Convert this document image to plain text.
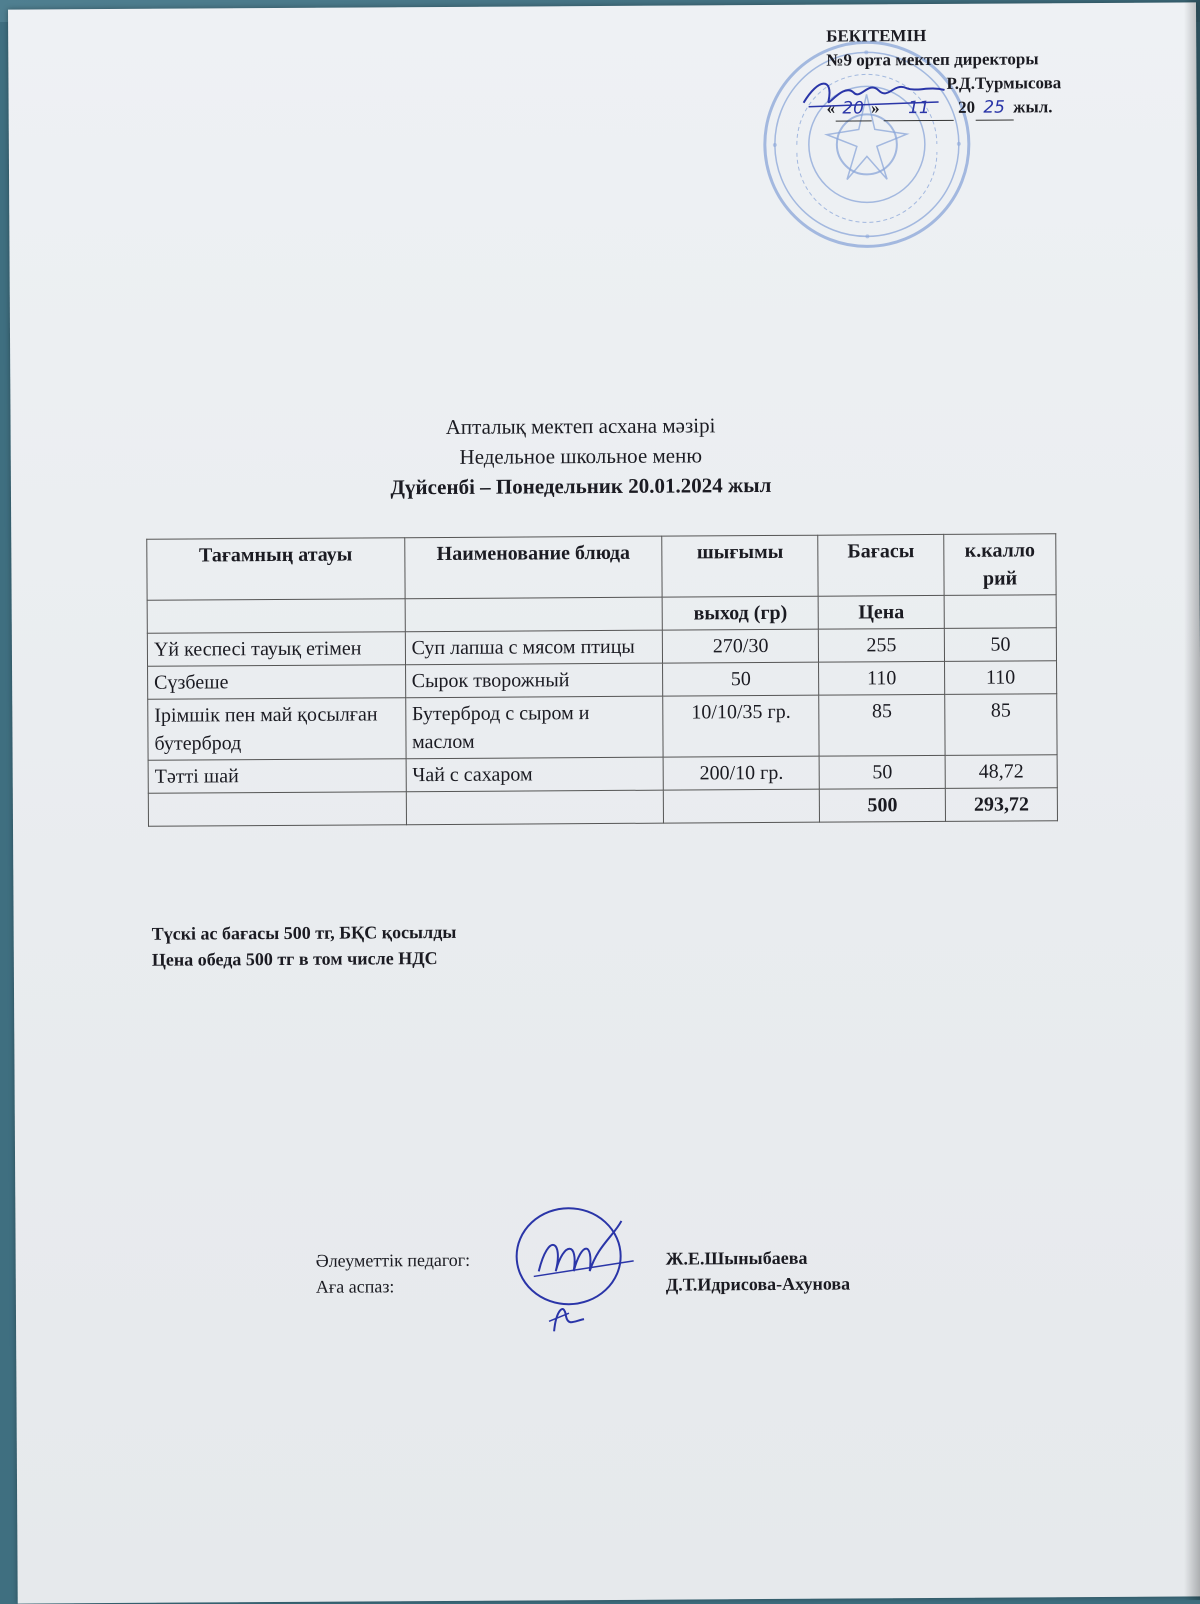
БЕКІТЕМІН
№9 орта мектеп директоры
Р.Д.Турмысова
« 20 » 11 20 25 жыл.
Апталық мектеп асхана мәзірі
Недельное школьное меню
Дүйсенбі – Понедельник 20.01.2024 жыл
Тағамның атауы	Наименование блюда	шығымы	Бағасы	к.калло рий
		выход (гр)	Цена	
Үй кеспесі тауық етімен	Суп лапша с мясом птицы	270/30	255	50
Сүзбеше	Сырок творожный	50	110	110
Ірімшік пен май қосылған бутерброд	Бутерброд с сыром и маслом	10/10/35 гр.	85	85
Тәтті шай	Чай с сахаром	200/10 гр.	50	48,72
			500	293,72
Түскі ас бағасы 500 тг, БҚС қосылды
Цена обеда 500 тг в том числе НДС
Әлеуметтік педагог:	Ж.Е.Шыныбаева
Аға аспаз:	Д.Т.Идрисова-Ахунова
